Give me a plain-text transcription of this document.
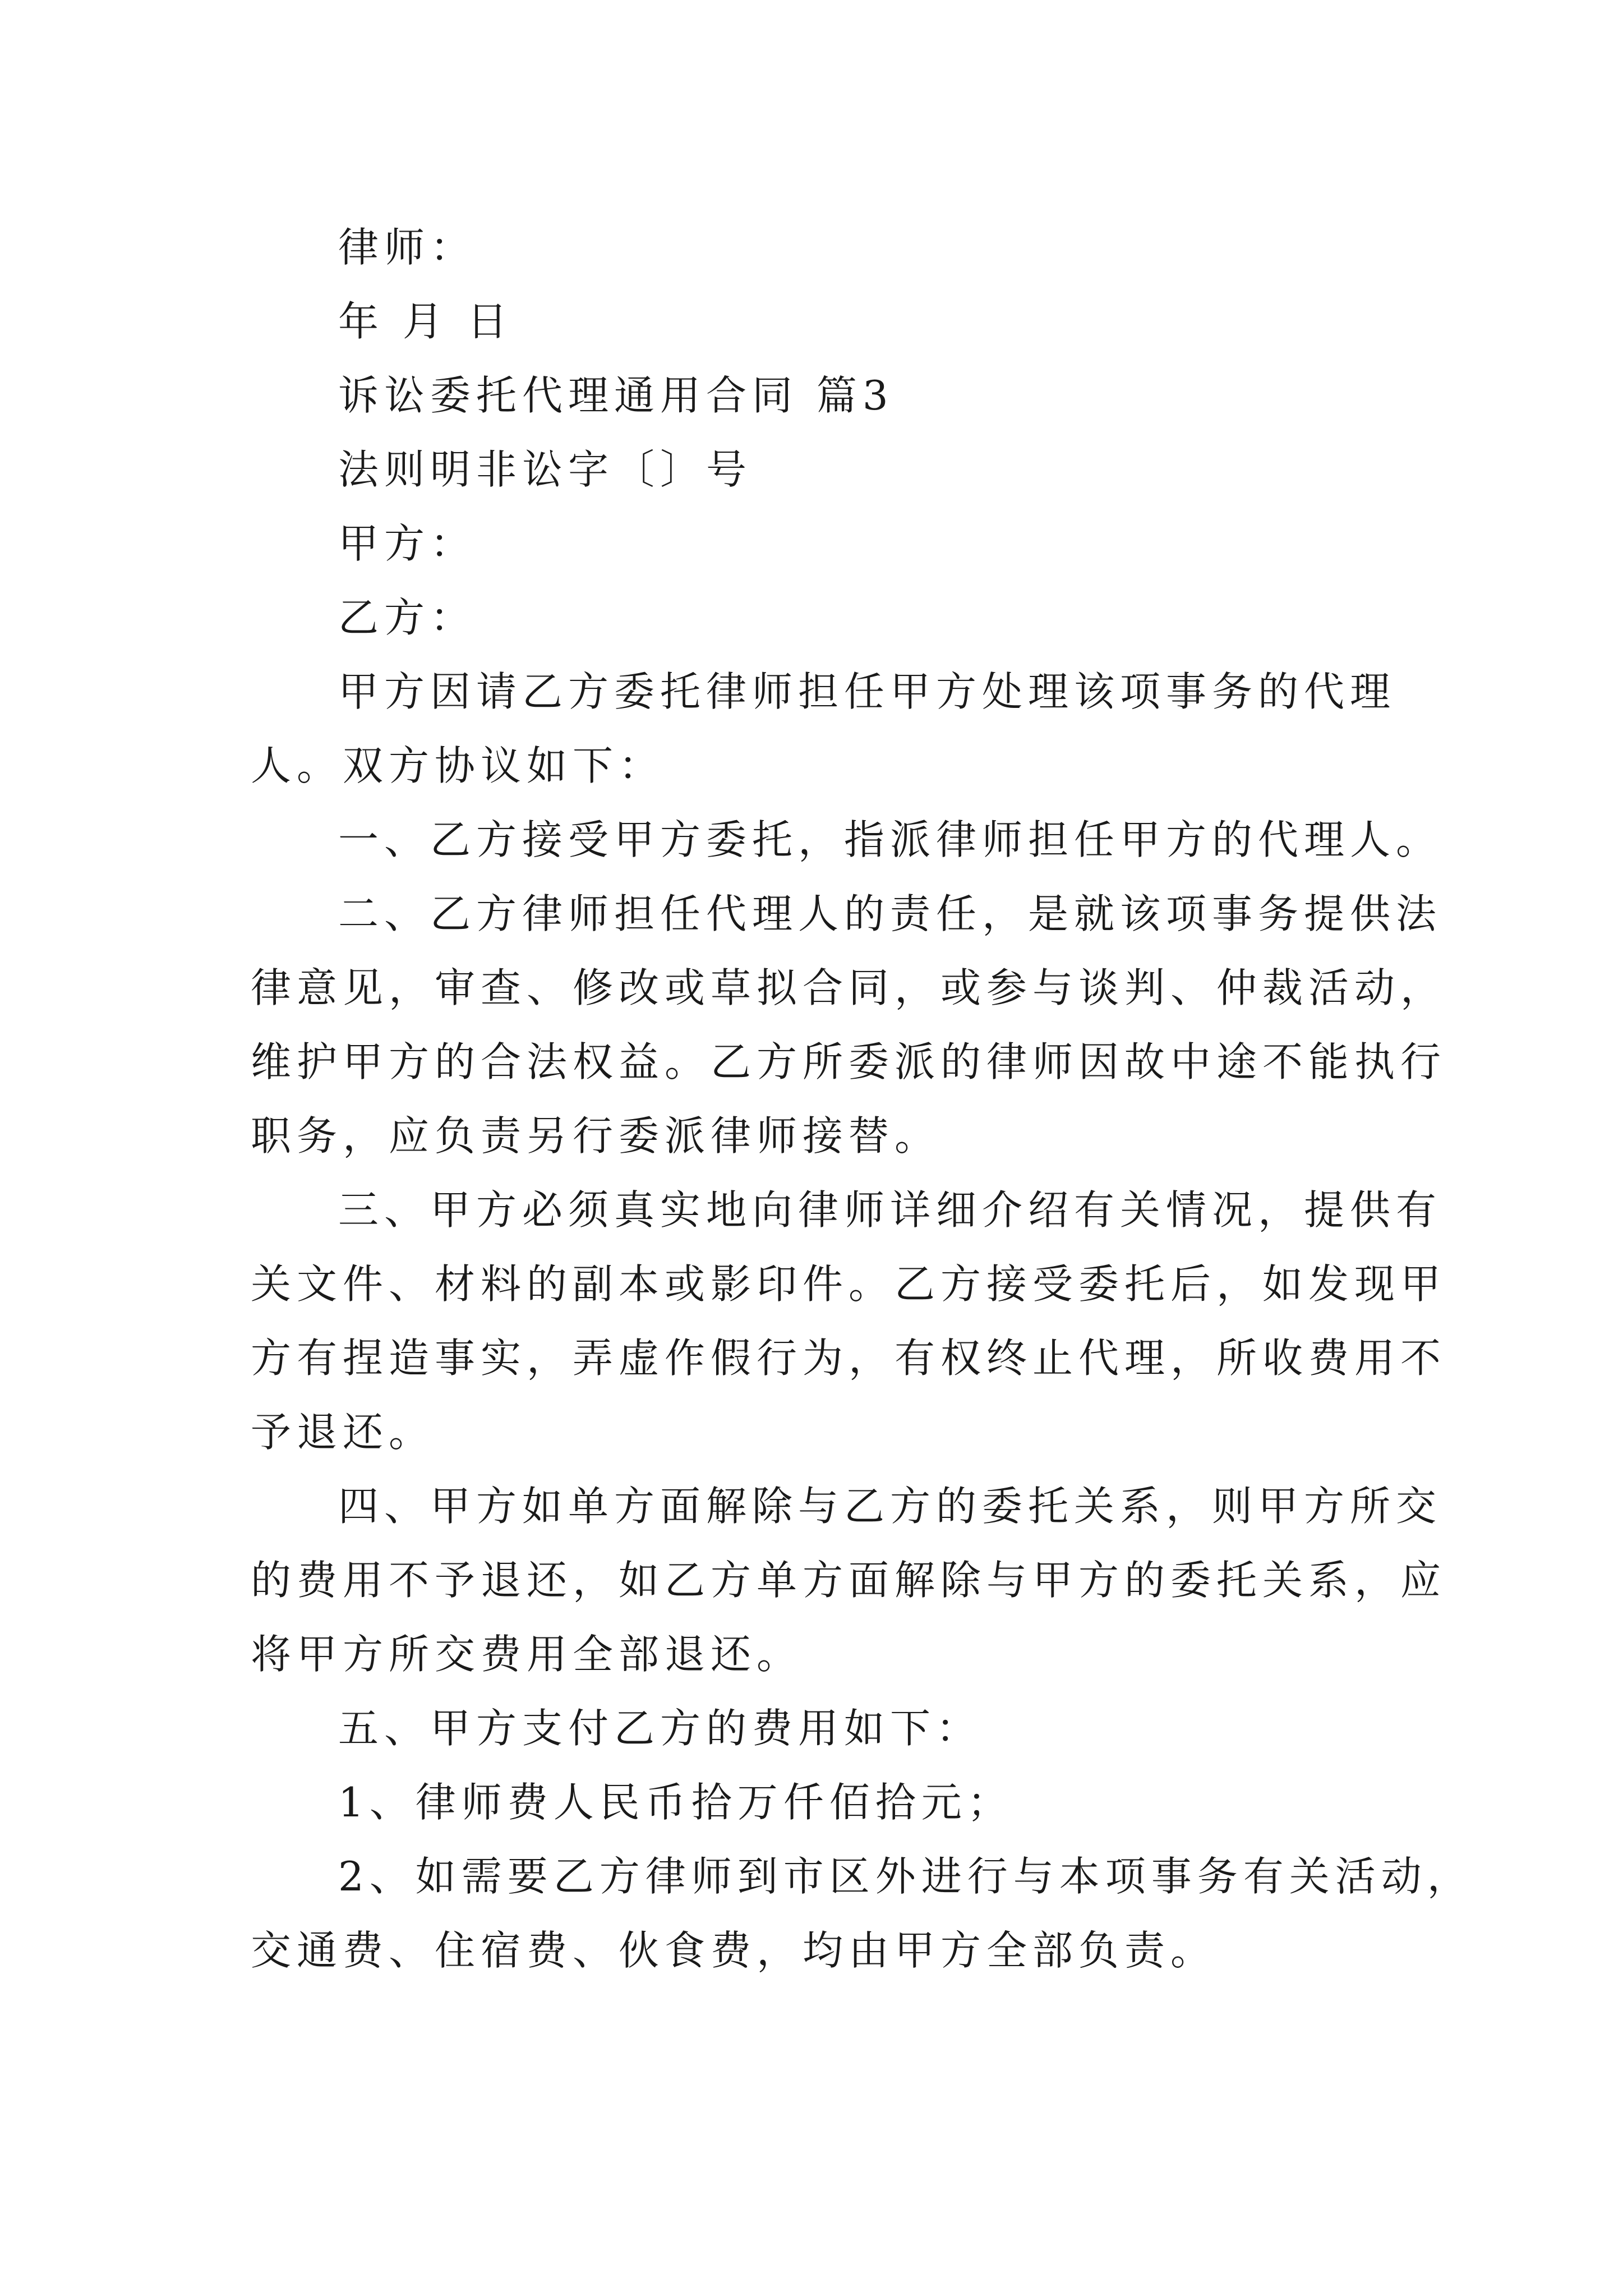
律师：

年 月 日

诉讼委托代理通用合同 篇3

法则明非讼字〔〕号

甲方：

乙方：

甲方因请乙方委托律师担任甲方处理该项事务的代理

人。双方协议如下：

一、乙方接受甲方委托，指派律师担任甲方的代理人。

二、乙方律师担任代理人的责任，是就该项事务提供法

律意见，审查、修改或草拟合同，或参与谈判、仲裁活动，

维护甲方的合法权益。乙方所委派的律师因故中途不能执行

职务，应负责另行委派律师接替。

三、甲方必须真实地向律师详细介绍有关情况，提供有

关文件、材料的副本或影印件。乙方接受委托后，如发现甲

方有捏造事实，弄虚作假行为，有权终止代理，所收费用不

予退还。

四、甲方如单方面解除与乙方的委托关系，则甲方所交

的费用不予退还，如乙方单方面解除与甲方的委托关系，应

将甲方所交费用全部退还。

五、甲方支付乙方的费用如下：

1、律师费人民币拾万仟佰拾元；

2、如需要乙方律师到市区外进行与本项事务有关活动，

交通费、住宿费、伙食费，均由甲方全部负责。
